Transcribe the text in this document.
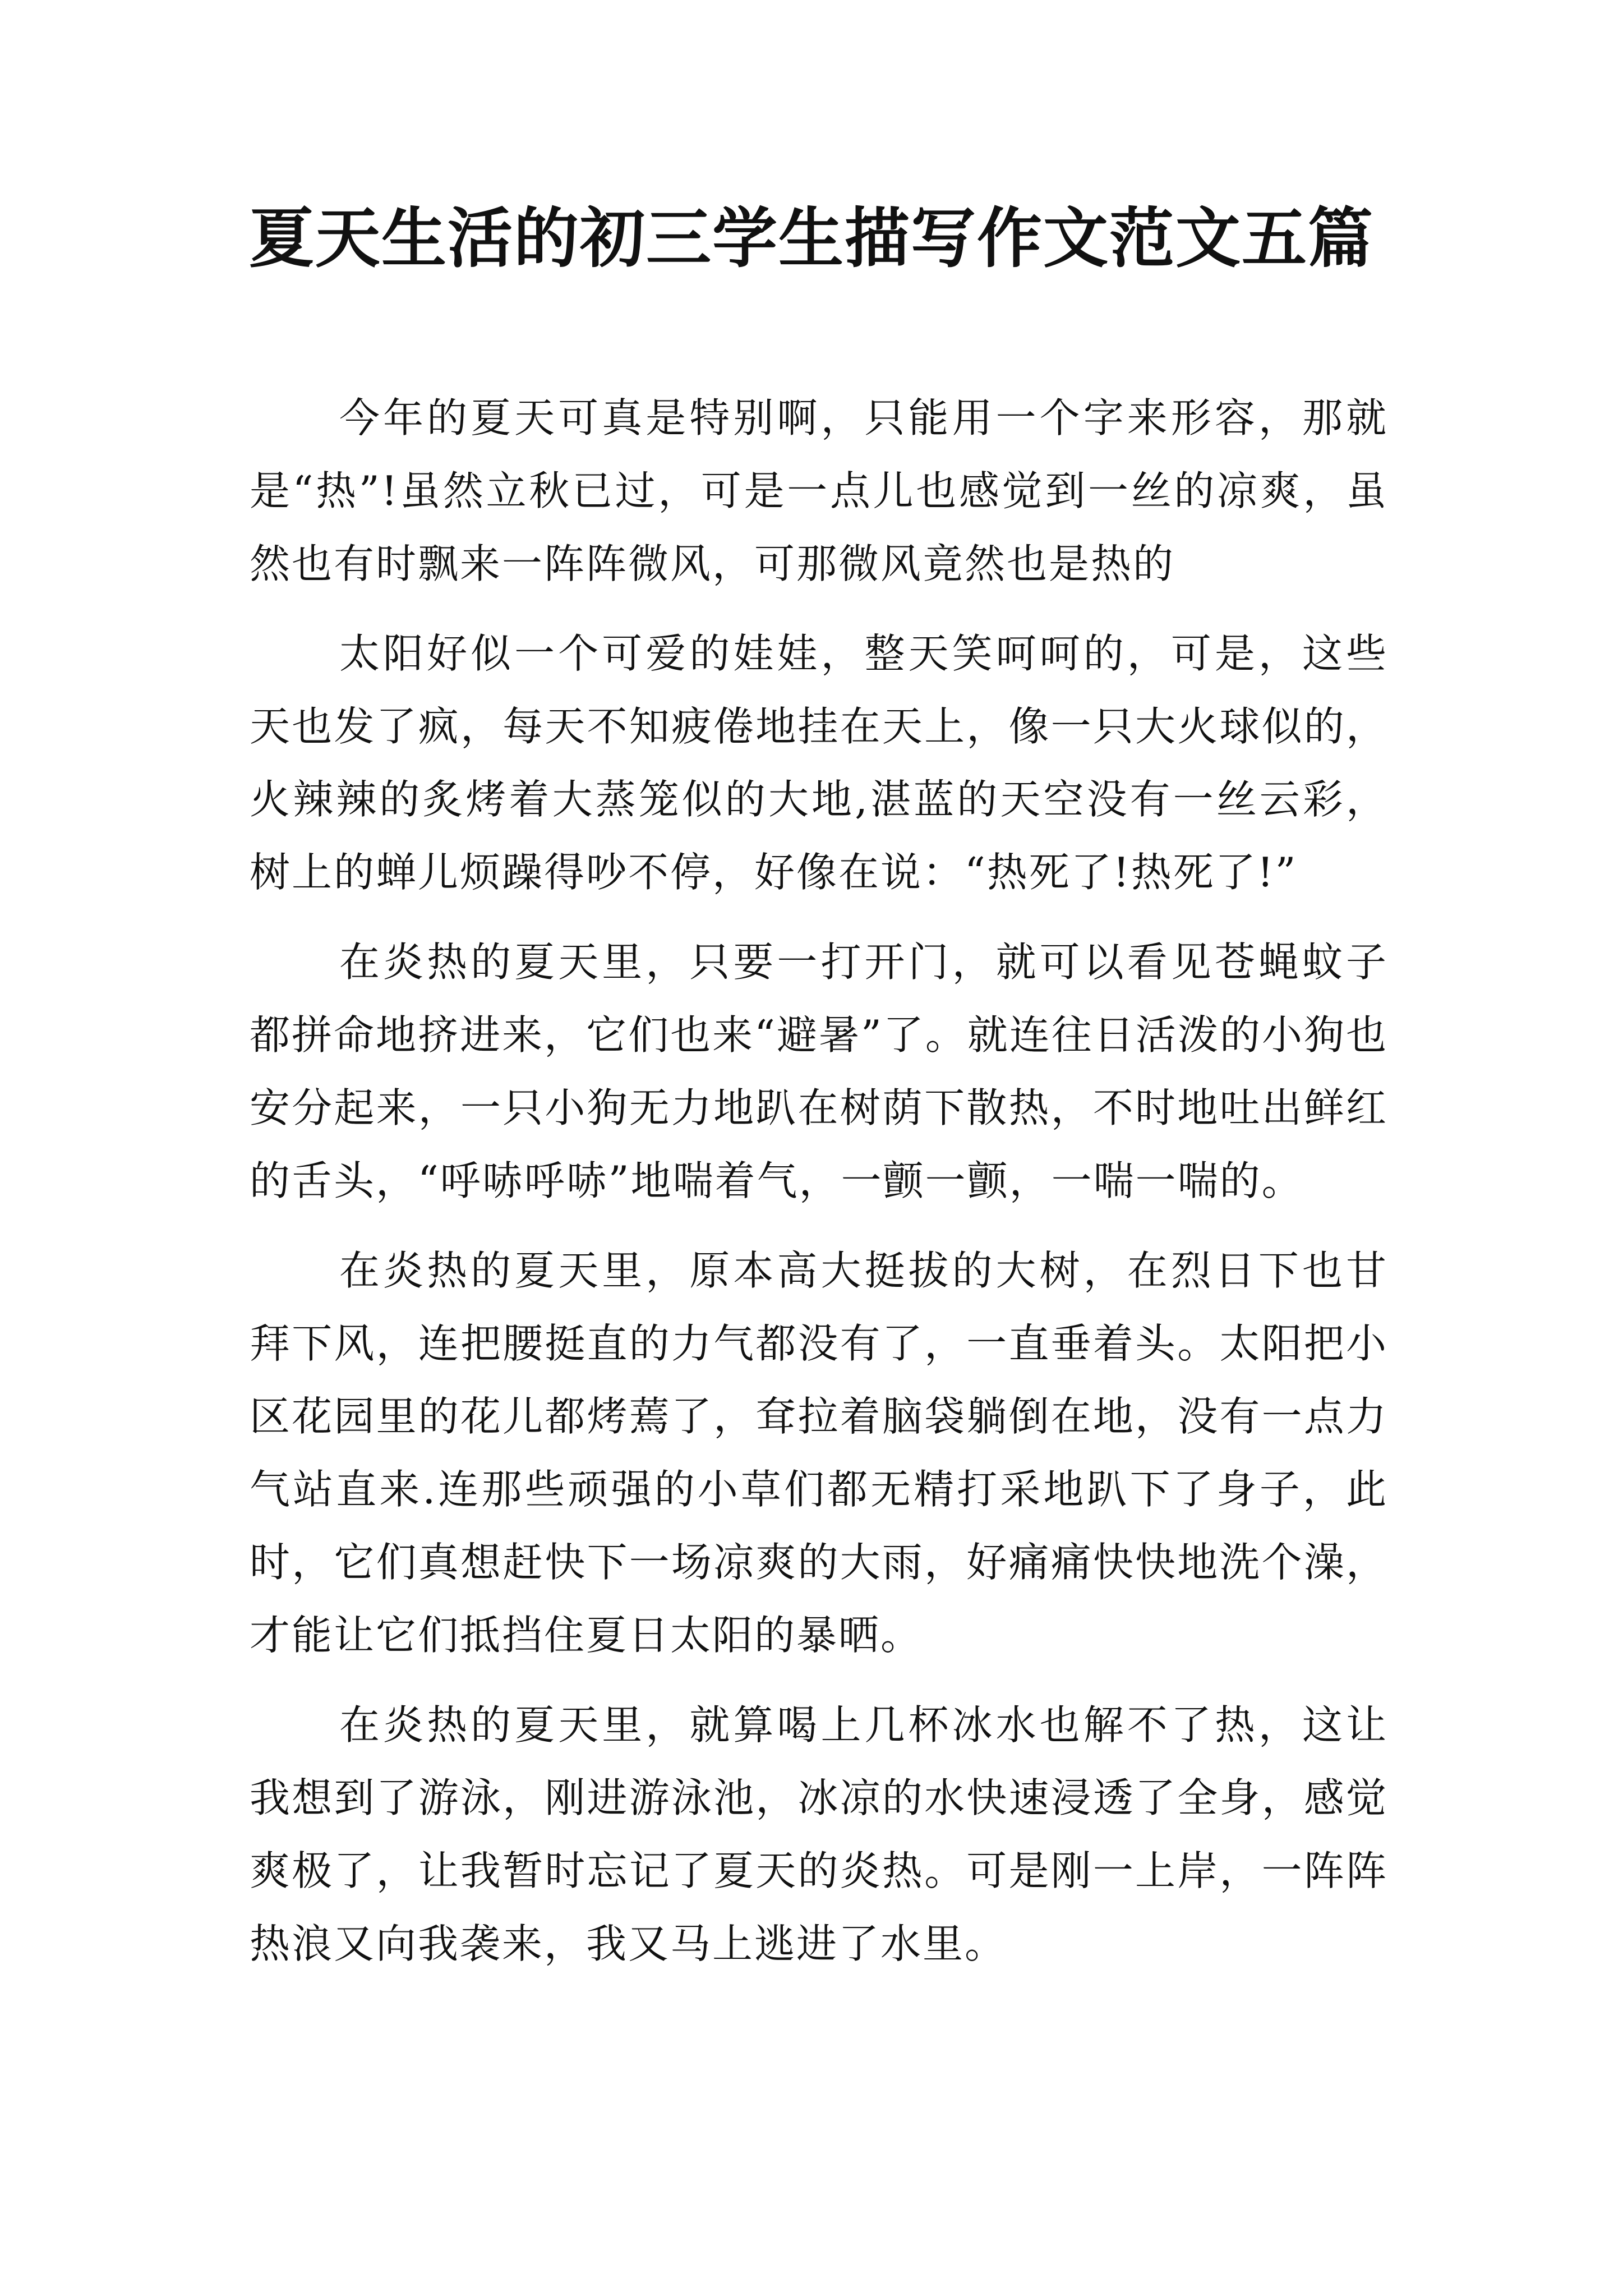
夏天生活的初三学生描写作文范文五篇

今年的夏天可真是特别啊，只能用一个字来形容，那就是“热”!虽然立秋已过，可是一点儿也感觉到一丝的凉爽，虽然也有时飘来一阵阵微风，可那微风竟然也是热的

太阳好似一个可爱的娃娃，整天笑呵呵的，可是，这些天也发了疯，每天不知疲倦地挂在天上，像一只大火球似的，火辣辣的炙烤着大蒸笼似的大地,湛蓝的天空没有一丝云彩，树上的蝉儿烦躁得吵不停，好像在说：“热死了!热死了!”

在炎热的夏天里，只要一打开门，就可以看见苍蝇蚊子都拼命地挤进来，它们也来“避暑”了。就连往日活泼的小狗也安分起来，一只小狗无力地趴在树荫下散热，不时地吐出鲜红的舌头，“呼哧呼哧”地喘着气，一颤一颤，一喘一喘的。

在炎热的夏天里，原本高大挺拔的大树，在烈日下也甘拜下风，连把腰挺直的力气都没有了，一直垂着头。太阳把小区花园里的花儿都烤蔫了，耷拉着脑袋躺倒在地，没有一点力气站直来.连那些顽强的小草们都无精打采地趴下了身子，此时，它们真想赶快下一场凉爽的大雨，好痛痛快快地洗个澡，才能让它们抵挡住夏日太阳的暴晒。

在炎热的夏天里，就算喝上几杯冰水也解不了热，这让我想到了游泳，刚进游泳池，冰凉的水快速浸透了全身，感觉爽极了，让我暂时忘记了夏天的炎热。可是刚一上岸，一阵阵热浪又向我袭来，我又马上逃进了水里。
